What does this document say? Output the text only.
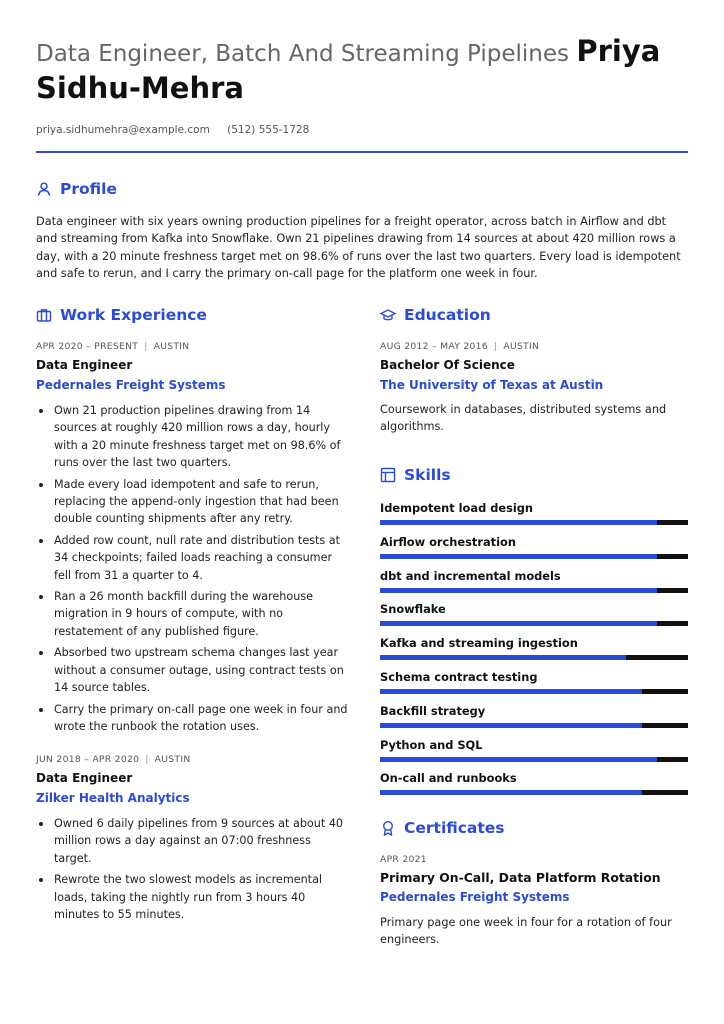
Data Engineer, Batch And Streaming Pipelines Priya
Sidhu-Mehra
priya.sidhumehra@example.com (512) 555-1728
Profile
Data engineer with six years owning production pipelines for a freight operator, across batch in Airflow and dbt and streaming from Kafka into Snowflake. Own 21 pipelines drawing from 14 sources at about 420 million rows a day, with a 20 minute freshness target met on 98.6% of runs over the last two quarters. Every load is idempotent and safe to rerun, and I carry the primary on-call page for the platform one week in four.
Work Experience
APR 2020 – PRESENT | AUSTIN
Data Engineer
Pedernales Freight Systems
Own 21 production pipelines drawing from 14 sources at roughly 420 million rows a day, hourly with a 20 minute freshness target met on 98.6% of runs over the last two quarters.
Made every load idempotent and safe to rerun, replacing the append-only ingestion that had been double counting shipments after any retry.
Added row count, null rate and distribution tests at 34 checkpoints; failed loads reaching a consumer fell from 31 a quarter to 4.
Ran a 26 month backfill during the warehouse migration in 9 hours of compute, with no restatement of any published figure.
Absorbed two upstream schema changes last year without a consumer outage, using contract tests on 14 source tables.
Carry the primary on-call page one week in four and wrote the runbook the rotation uses.
JUN 2018 – APR 2020 | AUSTIN
Data Engineer
Zilker Health Analytics
Owned 6 daily pipelines from 9 sources at about 40 million rows a day against an 07:00 freshness target.
Rewrote the two slowest models as incremental loads, taking the nightly run from 3 hours 40 minutes to 55 minutes.
Education
AUG 2012 – MAY 2016 | AUSTIN
Bachelor Of Science
The University of Texas at Austin
Coursework in databases, distributed systems and algorithms.
Skills
Idempotent load design
Airflow orchestration
dbt and incremental models
Snowflake
Kafka and streaming ingestion
Schema contract testing
Backfill strategy
Python and SQL
On-call and runbooks
Certificates
APR 2021
Primary On-Call, Data Platform Rotation
Pedernales Freight Systems
Primary page one week in four for a rotation of four engineers.
